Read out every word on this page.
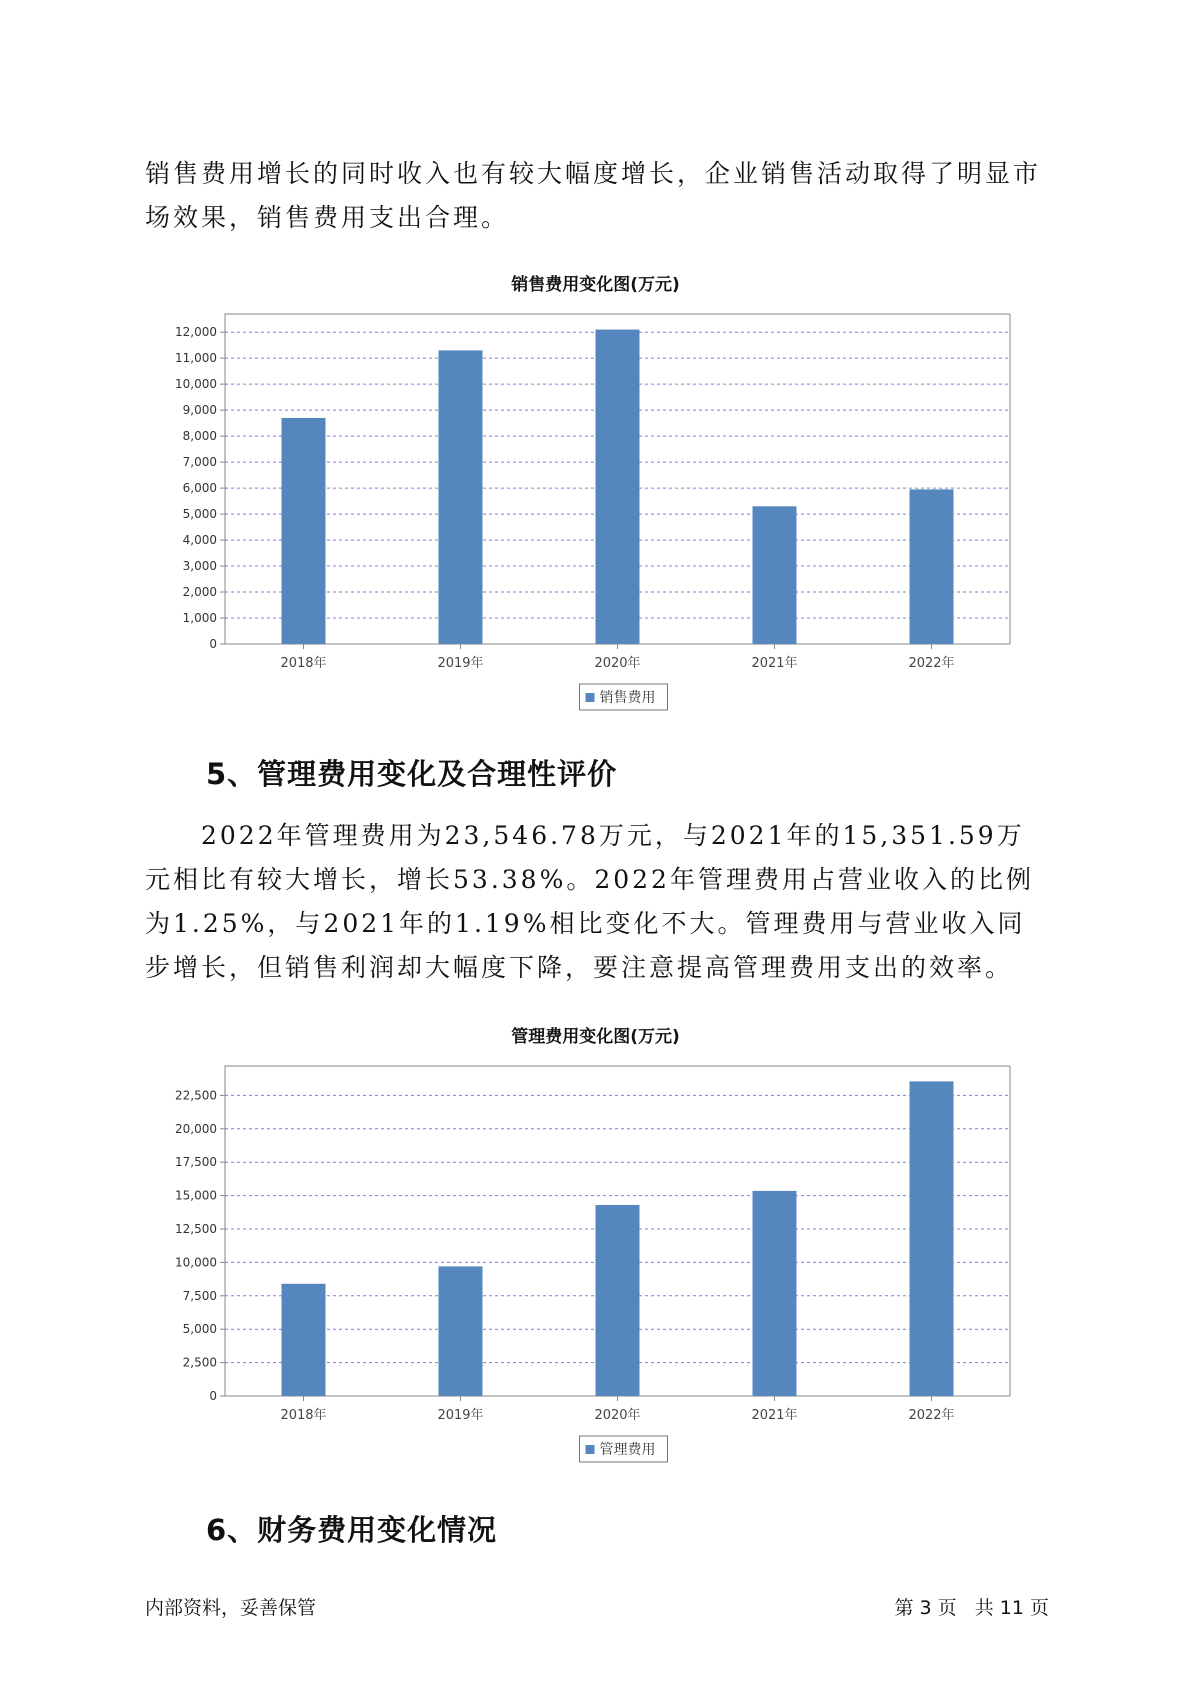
销售费用增长的同时收入也有较大幅度增长，企业销售活动取得了明显市场效果，销售费用支出合理。

销售费用变化图(万元)
0
1,000
2,000
3,000
4,000
5,000
6,000
7,000
8,000
9,000
10,000
11,000
12,000
2018年	2019年	2020年	2021年	2022年
销售费用
5、管理费用变化及合理性评价

2022年管理费用为23,546.78万元，与2021年的15,351.59万元相比有较大增长，增长53.38%。2022年管理费用占营业收入的比例为1.25%，与2021年的1.19%相比变化不大。管理费用与营业收入同步增长，但销售利润却大幅度下降，要注意提高管理费用支出的效率。

管理费用变化图(万元)
0
2,500
5,000
7,500
10,000
12,500
15,000
17,500
20,000
22,500
2018年	2019年	2020年	2021年	2022年
管理费用
6、财务费用变化情况
内部资料，妥善保管	第 3 页   共 11 页
